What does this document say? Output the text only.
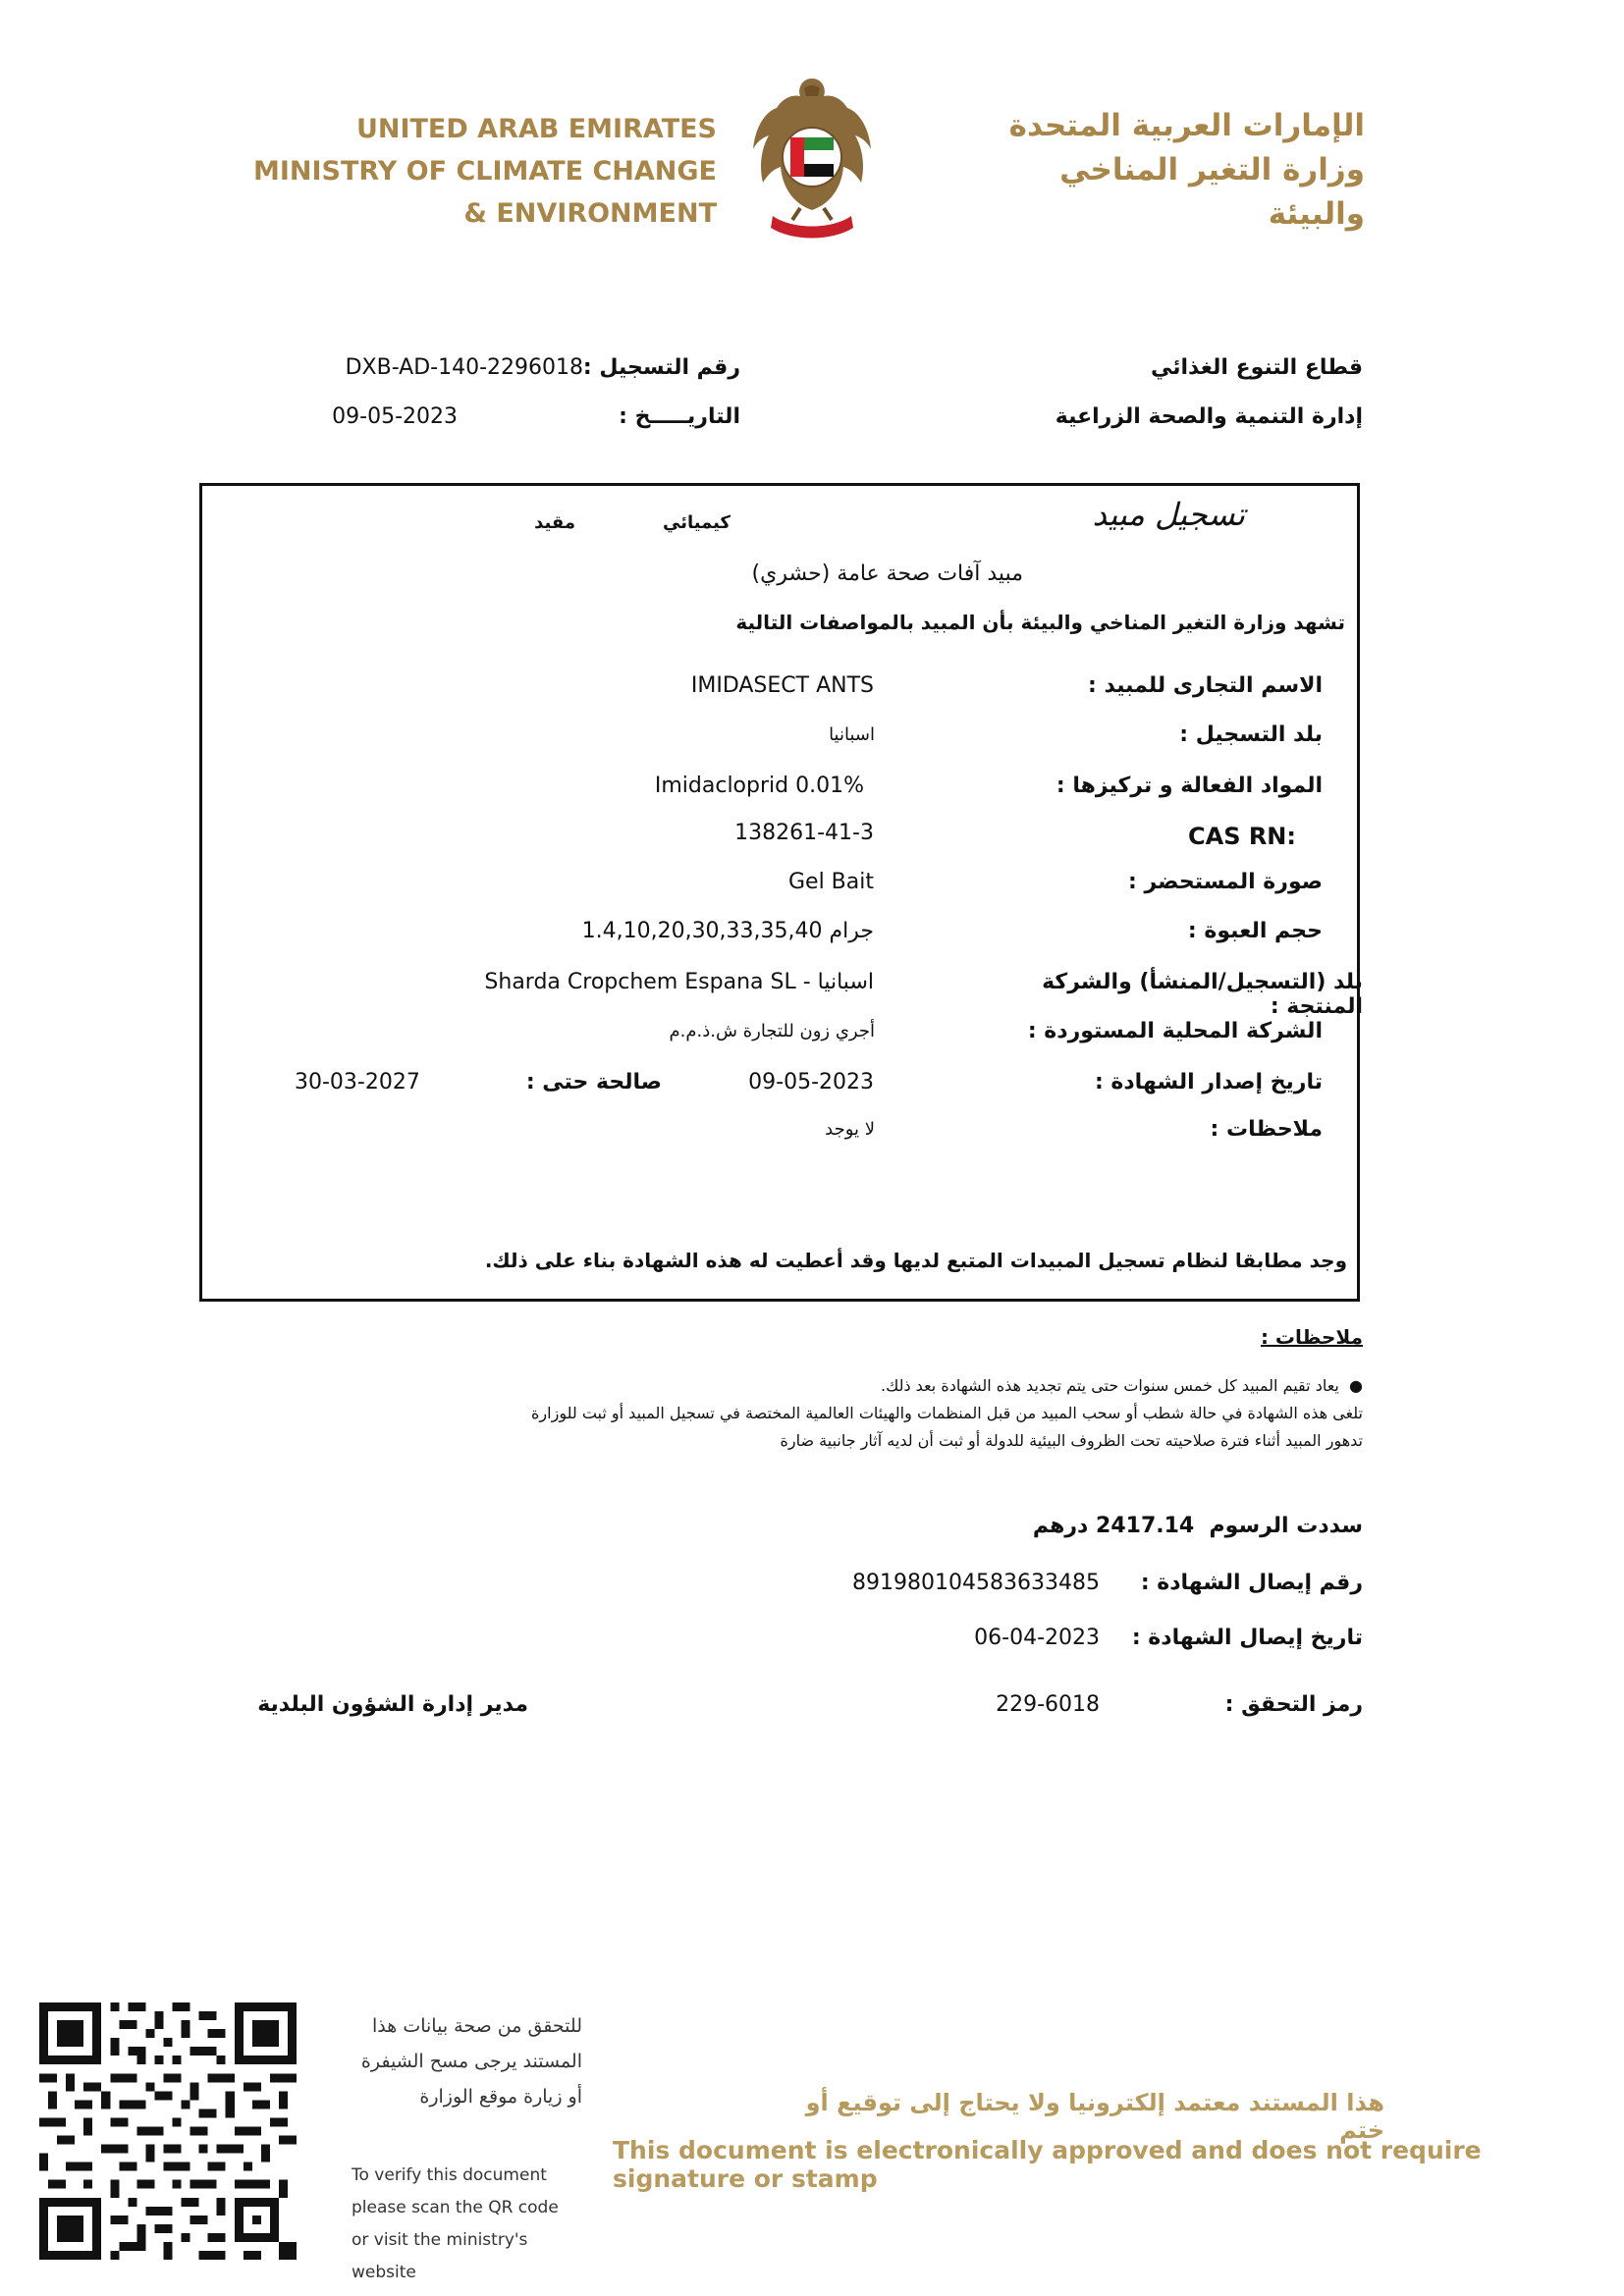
UNITED ARAB EMIRATES
MINISTRY OF CLIMATE CHANGE
& ENVIRONMENT
الإمارات العربية المتحدة
وزارة التغير المناخي
والبيئة
قطاع التنوع الغذائي
إدارة التنمية والصحة الزراعية
رقم التسجيل :
DXB-AD-140-2296018
التاريـــــخ :
09-05-2023
تسجيل مبيد
كيميائي
مقيد
مبيد آفات صحة عامة (حشري)
تشهد وزارة التغير المناخي والبيئة بأن المبيد بالمواصفات التالية
الاسم التجارى للمبيد :
IMIDASECT ANTS
بلد التسجيل :
اسبانيا
المواد الفعالة و تركيزها :
Imidacloprid 0.01%
CAS RN:
138261-41-3
صورة المستحضر :
Gel Bait
حجم العبوة :
1.4,10,20,30,33,35,40 جرام
بلد (التسجيل/المنشأ) والشركة المنتجة :
Sharda Cropchem Espana SL - اسبانيا
الشركة المحلية المستوردة :
أجري زون للتجارة ش.ذ.م.م
تاريخ إصدار الشهادة :
09-05-2023
صالحة حتى :
30-03-2027
ملاحظات :
لا يوجد
وجد مطابقا لنظام تسجيل المبيدات المتبع لديها وقد أعطيت له هذه الشهادة بناء على ذلك.
ملاحظات :
●  يعاد تقيم المبيد كل خمس سنوات حتى يتم تجديد هذه الشهادة بعد ذلك.
تلغى هذه الشهادة في حالة شطب أو سحب المبيد من قبل المنظمات والهيئات العالمية المختصة في تسجيل المبيد أو ثبت للوزارة
تدهور المبيد أثناء فترة صلاحيته تحت الظروف البيئية للدولة أو ثبت أن لديه آثار جانبية ضارة
سددت الرسوم  2417.14 درهم
رقم إيصال الشهادة :
891980104583633485
تاريخ إيصال الشهادة :
06-04-2023
رمز التحقق :
229-6018
مدير إدارة الشؤون البلدية
للتحقق من صحة بيانات هذا
المستند يرجى مسح الشيفرة
أو زيارة موقع الوزارة
To verify this document
please scan the QR code
or visit the ministry's website
هذا المستند معتمد إلكترونيا ولا يحتاج إلى توقيع أو ختم
This document is electronically approved and does not require signature or stamp
